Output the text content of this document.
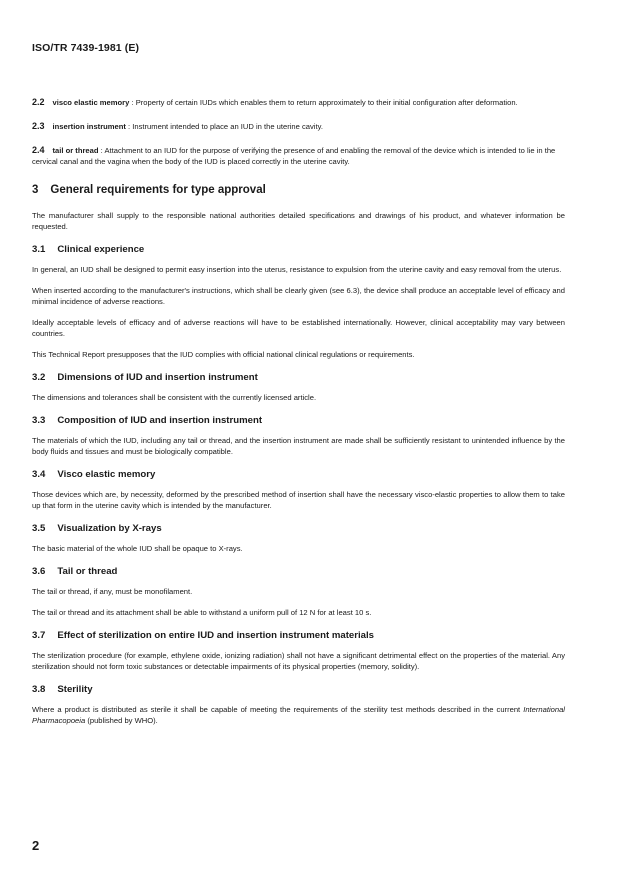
ISO/TR 7439-1981 (E)

2.2 visco elastic memory : Property of certain IUDs which enables them to return approximately to their initial configuration after deformation.

2.3 insertion instrument : Instrument intended to place an IUD in the uterine cavity.

2.4 tail or thread : Attachment to an IUD for the purpose of verifying the presence of and enabling the removal of the device which is intended to lie in the cervical canal and the vagina when the body of the IUD is placed correctly in the uterine cavity.

3 General requirements for type approval

The manufacturer shall supply to the responsible national authorities detailed specifications and drawings of his product, and whatever information be requested.

3.1 Clinical experience

In general, an IUD shall be designed to permit easy insertion into the uterus, resistance to expulsion from the uterine cavity and easy removal from the uterus.

When inserted according to the manufacturer's instructions, which shall be clearly given (see 6.3), the device shall produce an acceptable level of efficacy and minimal incidence of adverse reactions.

Ideally acceptable levels of efficacy and of adverse reactions will have to be established internationally. However, clinical acceptability may vary between countries.

This Technical Report presupposes that the IUD complies with official national clinical regulations or requirements.

3.2 Dimensions of IUD and insertion instrument

The dimensions and tolerances shall be consistent with the currently licensed article.

3.3 Composition of IUD and insertion instrument

The materials of which the IUD, including any tail or thread, and the insertion instrument are made shall be sufficiently resistant to unintended influence by the body fluids and tissues and must be biologically compatible.

3.4 Visco elastic memory

Those devices which are, by necessity, deformed by the prescribed method of insertion shall have the necessary visco-elastic properties to allow them to take up that form in the uterine cavity which is intended by the manufacturer.

3.5 Visualization by X-rays

The basic material of the whole IUD shall be opaque to X-rays.

3.6 Tail or thread

The tail or thread, if any, must be monofilament.

The tail or thread and its attachment shall be able to withstand a uniform pull of 12 N for at least 10 s.

3.7 Effect of sterilization on entire IUD and insertion instrument materials

The sterilization procedure (for example, ethylene oxide, ionizing radiation) shall not have a significant detrimental effect on the properties of the material. Any sterilization should not form toxic substances or detectable impairments of its physical properties (memory, solidity).

3.8 Sterility

Where a product is distributed as sterile it shall be capable of meeting the requirements of the sterility test methods described in the current International Pharmacopoeia (published by WHO).

2
